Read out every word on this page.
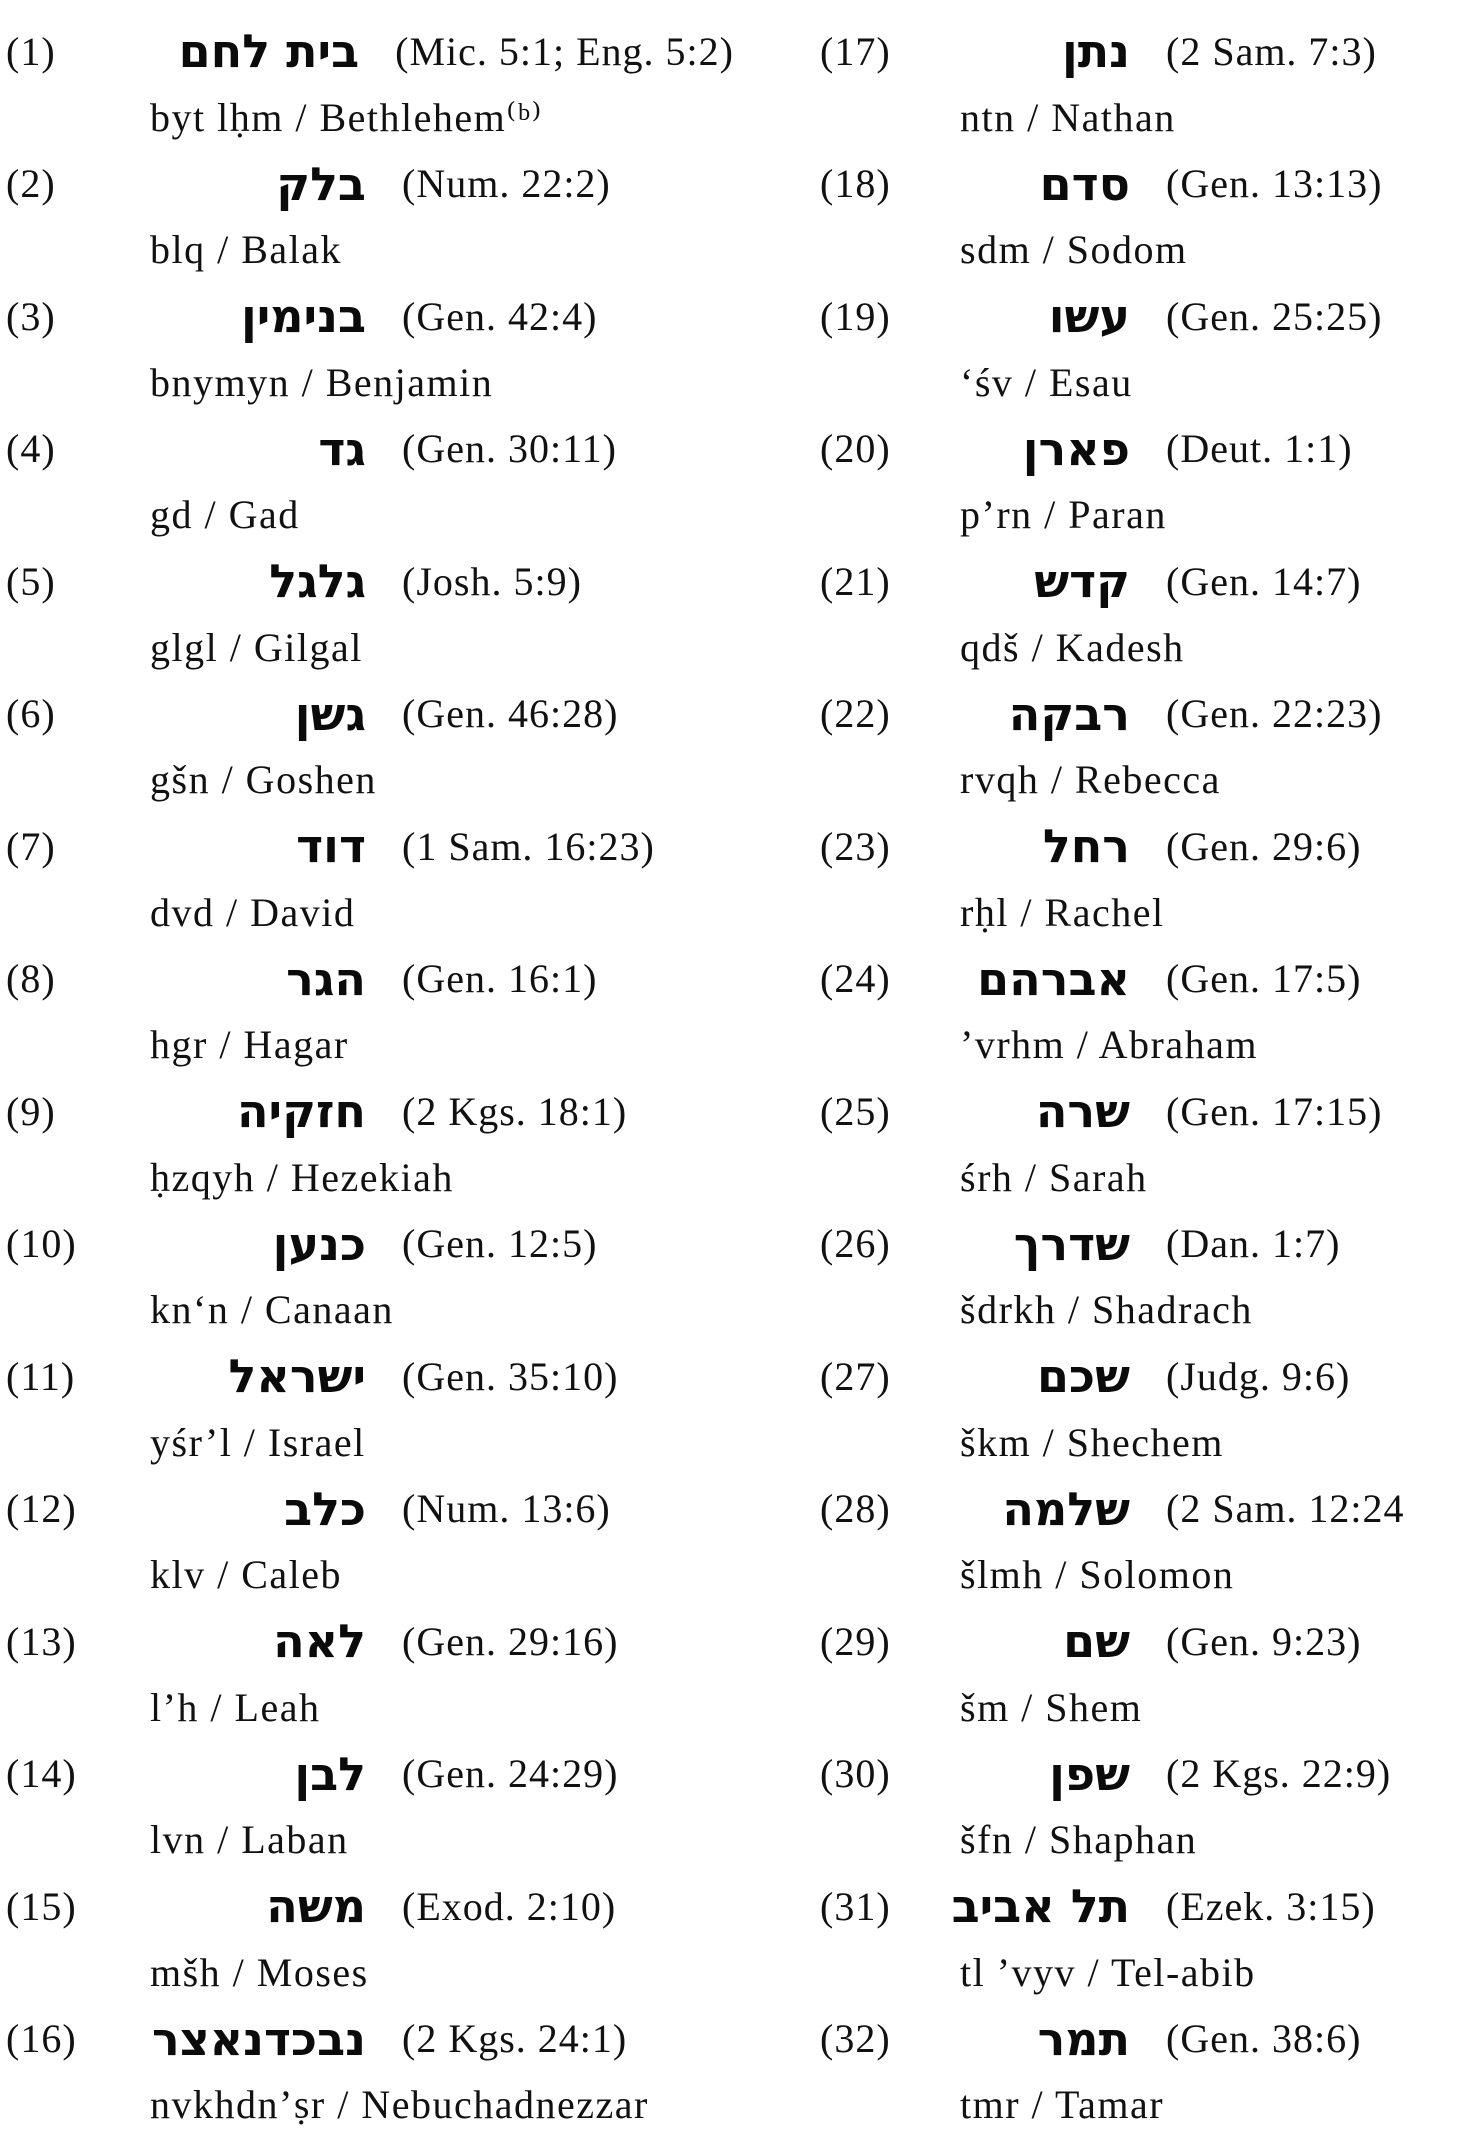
(1)	בית לחם (Mic. 5:1; Eng. 5:2)
byt lḥm / Bethlehem⁽ᵇ⁾
(2)	בלק (Num. 22:2)
blq / Balak
(3)	בנימין (Gen. 42:4)
bnymyn / Benjamin
(4)	גד (Gen. 30:11)
gd / Gad
(5)	גלגל (Josh. 5:9)
glgl / Gilgal
(6)	גשן (Gen. 46:28)
gšn / Goshen
(7)	דוד (1 Sam. 16:23)
dvd / David
(8)	הגר (Gen. 16:1)
hgr / Hagar
(9)	חזקיה (2 Kgs. 18:1)
ḥzqyh / Hezekiah
(10)	כנען (Gen. 12:5)
kn‘n / Canaan
(11)	ישראל (Gen. 35:10)
yśr’l / Israel
(12)	כלב (Num. 13:6)
klv / Caleb
(13)	לאה (Gen. 29:16)
l’h / Leah
(14)	לבן (Gen. 24:29)
lvn / Laban
(15)	משה (Exod. 2:10)
mšh / Moses
(16)	נבכדנאצר (2 Kgs. 24:1)
nvkhdn’ṣr / Nebuchadnezzar
(17)	נתן (2 Sam. 7:3)
ntn / Nathan
(18)	סדם (Gen. 13:13)
sdm / Sodom
(19)	עשו (Gen. 25:25)
‘śv / Esau
(20)	פארן (Deut. 1:1)
p’rn / Paran
(21)	קדש (Gen. 14:7)
qdš / Kadesh
(22)	רבקה (Gen. 22:23)
rvqh / Rebecca
(23)	רחל (Gen. 29:6)
rḥl / Rachel
(24)	אברהם (Gen. 17:5)
’vrhm / Abraham
(25)	שרה (Gen. 17:15)
śrh / Sarah
(26)	שדרך (Dan. 1:7)
šdrkh / Shadrach
(27)	שכם (Judg. 9:6)
škm / Shechem
(28)	שלמה (2 Sam. 12:24
šlmh / Solomon
(29)	שם (Gen. 9:23)
šm / Shem
(30)	שפן (2 Kgs. 22:9)
šfn / Shaphan
(31)	תל אביב (Ezek. 3:15)
tl ’vyv / Tel-abib
(32)	תמר (Gen. 38:6)
tmr / Tamar
